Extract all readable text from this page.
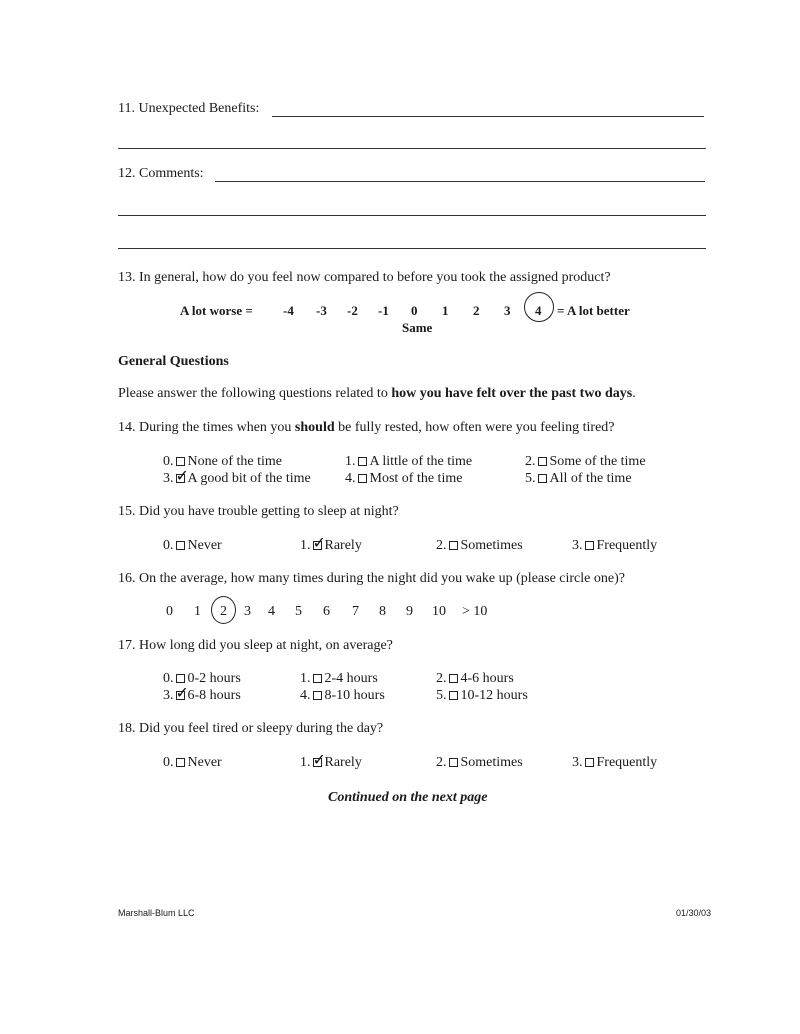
11. Unexpected Benefits:
12. Comments:
13. In general, how do you feel now compared to before you took the assigned product?
A lot worse = -4 -3 -2 -1 0 1 2 3 4 = A lot better
Same
General Questions
Please answer the following questions related to how you have felt over the past two days.
14. During the times when you should be fully rested, how often were you feeling tired?
0. None of the time	1. A little of the time	2. Some of the time
3. ✓ A good bit of the time 4. Most of the time	5. All of the time
15. Did you have trouble getting to sleep at night?
0. Never	1. ✓ Rarely	2. Sometimes	3. Frequently
16. On the average, how many times during the night did you wake up (please circle one)?
0 1 2 3 4 5 6 7 8 9 10 > 10
17. How long did you sleep at night, on average?
0. 0-2 hours	1. 2-4 hours	2. 4-6 hours
3. ✓ 6-8 hours	4. 8-10 hours	5. 10-12 hours
18. Did you feel tired or sleepy during the day?
0. Never	1. ✓ Rarely	2. Sometimes	3. Frequently
Continued on the next page
Marshall-Blum LLC	01/30/03
